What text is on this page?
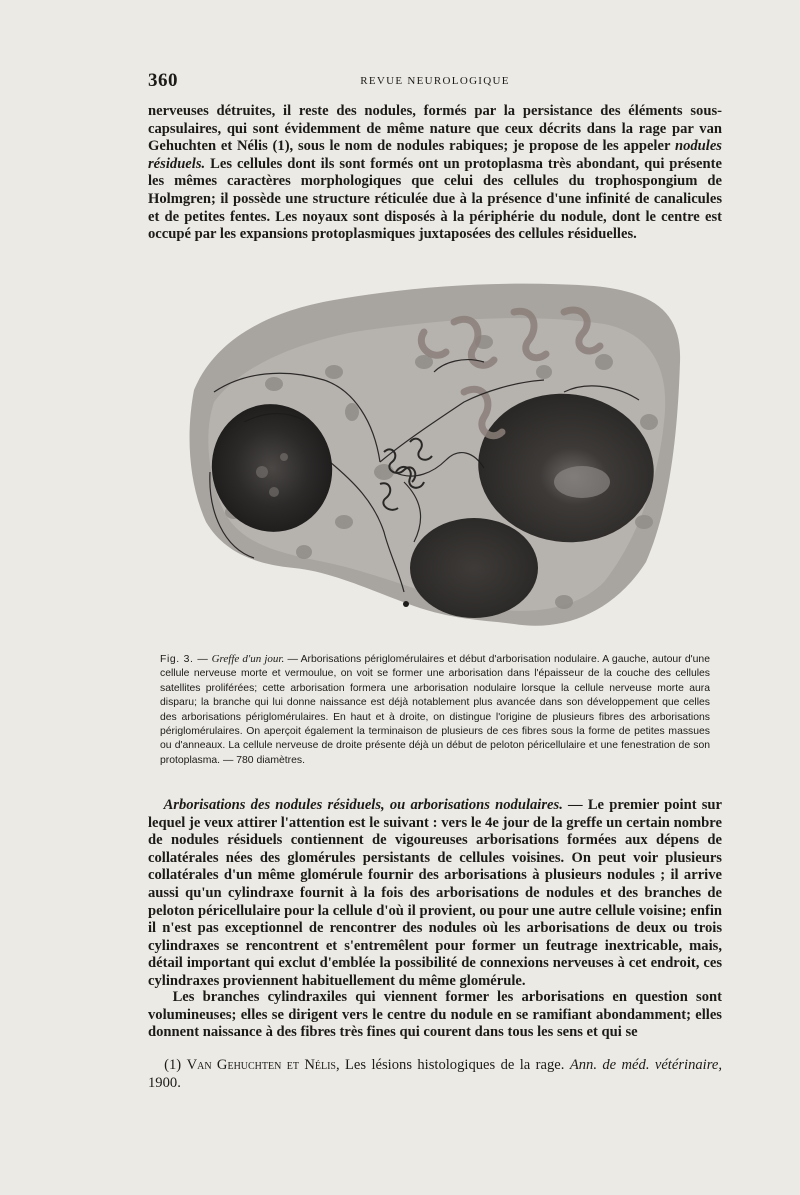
360	REVUE NEUROLOGIQUE
nerveuses détruites, il reste des nodules, formés par la persistance des éléments sous-capsulaires, qui sont évidemment de même nature que ceux décrits dans la rage par van Gehuchten et Nélis (1), sous le nom de nodules rabiques; je propose de les appeler nodules résiduels. Les cellules dont ils sont formés ont un protoplasma très abondant, qui présente les mêmes caractères morphologiques que celui des cellules du trophospongium de Holmgren; il possède une structure réticulée due à la présence d'une infinité de canalicules et de petites fentes. Les noyaux sont disposés à la périphérie du nodule, dont le centre est occupé par les expansions protoplasmiques juxtaposées des cellules résiduelles.
Fig. 3. — Greffe d'un jour. — Arborisations périglomérulaires et début d'arborisation nodulaire. A gauche, autour d'une cellule nerveuse morte et vermoulue, on voit se former une arborisation dans l'épaisseur de la couche des cellules satellites proliférées; cette arborisation formera une arborisation nodulaire lorsque la cellule nerveuse morte aura disparu; la branche qui lui donne naissance est déjà notablement plus avancée dans son développement que celles des arborisations périglomérulaires. En haut et à droite, on distingue l'origine de plusieurs fibres des arborisations périglomérulaires. On aperçoit également la terminaison de plusieurs de ces fibres sous la forme de petites massues ou d'anneaux. La cellule nerveuse de droite présente déjà un début de peloton péricellulaire et une fenestration de son protoplasma. — 780 diamètres.
Arborisations des nodules résiduels, ou arborisations nodulaires. — Le premier point sur lequel je veux attirer l'attention est le suivant : vers le 4e jour de la greffe un certain nombre de nodules résiduels contiennent de vigoureuses arborisations formées aux dépens de collatérales nées des glomérules persistants de cellules voisines. On peut voir plusieurs collatérales d'un même glomérule fournir des arborisations à plusieurs nodules ; il arrive aussi qu'un cylindraxe fournit à la fois des arborisations de nodules et des branches de peloton péricellulaire pour la cellule d'où il provient, ou pour une autre cellule voisine; enfin il n'est pas exceptionnel de rencontrer des nodules où les arborisations de deux ou trois cylindraxes se rencontrent et s'entremêlent pour former un feutrage inextricable, mais, détail important qui exclut d'emblée la possibilité de connexions nerveuses à cet endroit, ces cylindraxes proviennent habituellement du même glomérule.
Les branches cylindraxiles qui viennent former les arborisations en question sont volumineuses; elles se dirigent vers le centre du nodule en se ramifiant abondamment; elles donnent naissance à des fibres très fines qui courent dans tous les sens et qui se
(1) Van Gehuchten et Nélis, Les lésions histologiques de la rage. Ann. de méd. vétérinaire, 1900.
